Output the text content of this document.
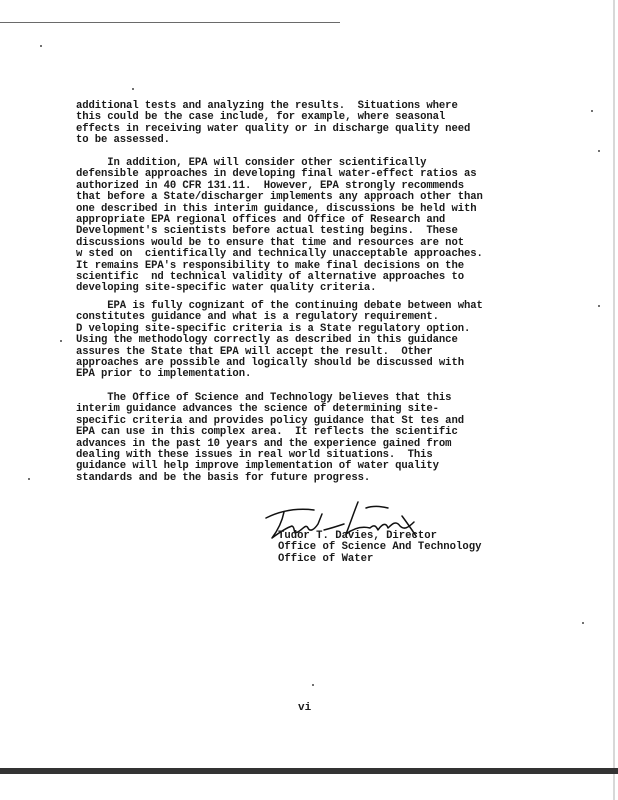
additional tests and analyzing the results.  Situations where
this could be the case include, for example, where seasonal
effects in receiving water quality or in discharge quality need
to be assessed.

In addition, EPA will consider other scientifically
defensible approaches in developing final water-effect ratios as
authorized in 40 CFR 131.11.  However, EPA strongly recommends
that before a State/discharger implements any approach other than
one described in this interim guidance, discussions be held with
appropriate EPA regional offices and Office of Research and
Development's scientists before actual testing begins.  These
discussions would be to ensure that time and resources are not
w sted on  cientifically and technically unacceptable approaches.
It remains EPA's responsibility to make final decisions on the
scientific  nd technical validity of alternative approaches to
developing site-specific water quality criteria.

EPA is fully cognizant of the continuing debate between what
constitutes guidance and what is a regulatory requirement.
D veloping site-specific criteria is a State regulatory option.
Using the methodology correctly as described in this guidance
assures the State that EPA will accept the result.  Other
approaches are possible and logically should be discussed with
EPA prior to implementation.

The Office of Science and Technology believes that this
interim guidance advances the science of determining site-
specific criteria and provides policy guidance that St tes and
EPA can use in this complex area.  It reflects the scientific
advances in the past 10 years and the experience gained from
dealing with these issues in real world situations.  This
guidance will help improve implementation of water quality
standards and be the basis for future progress.

Tudor T. Davies, Director
Office of Science And Technology
Office of Water
vi
